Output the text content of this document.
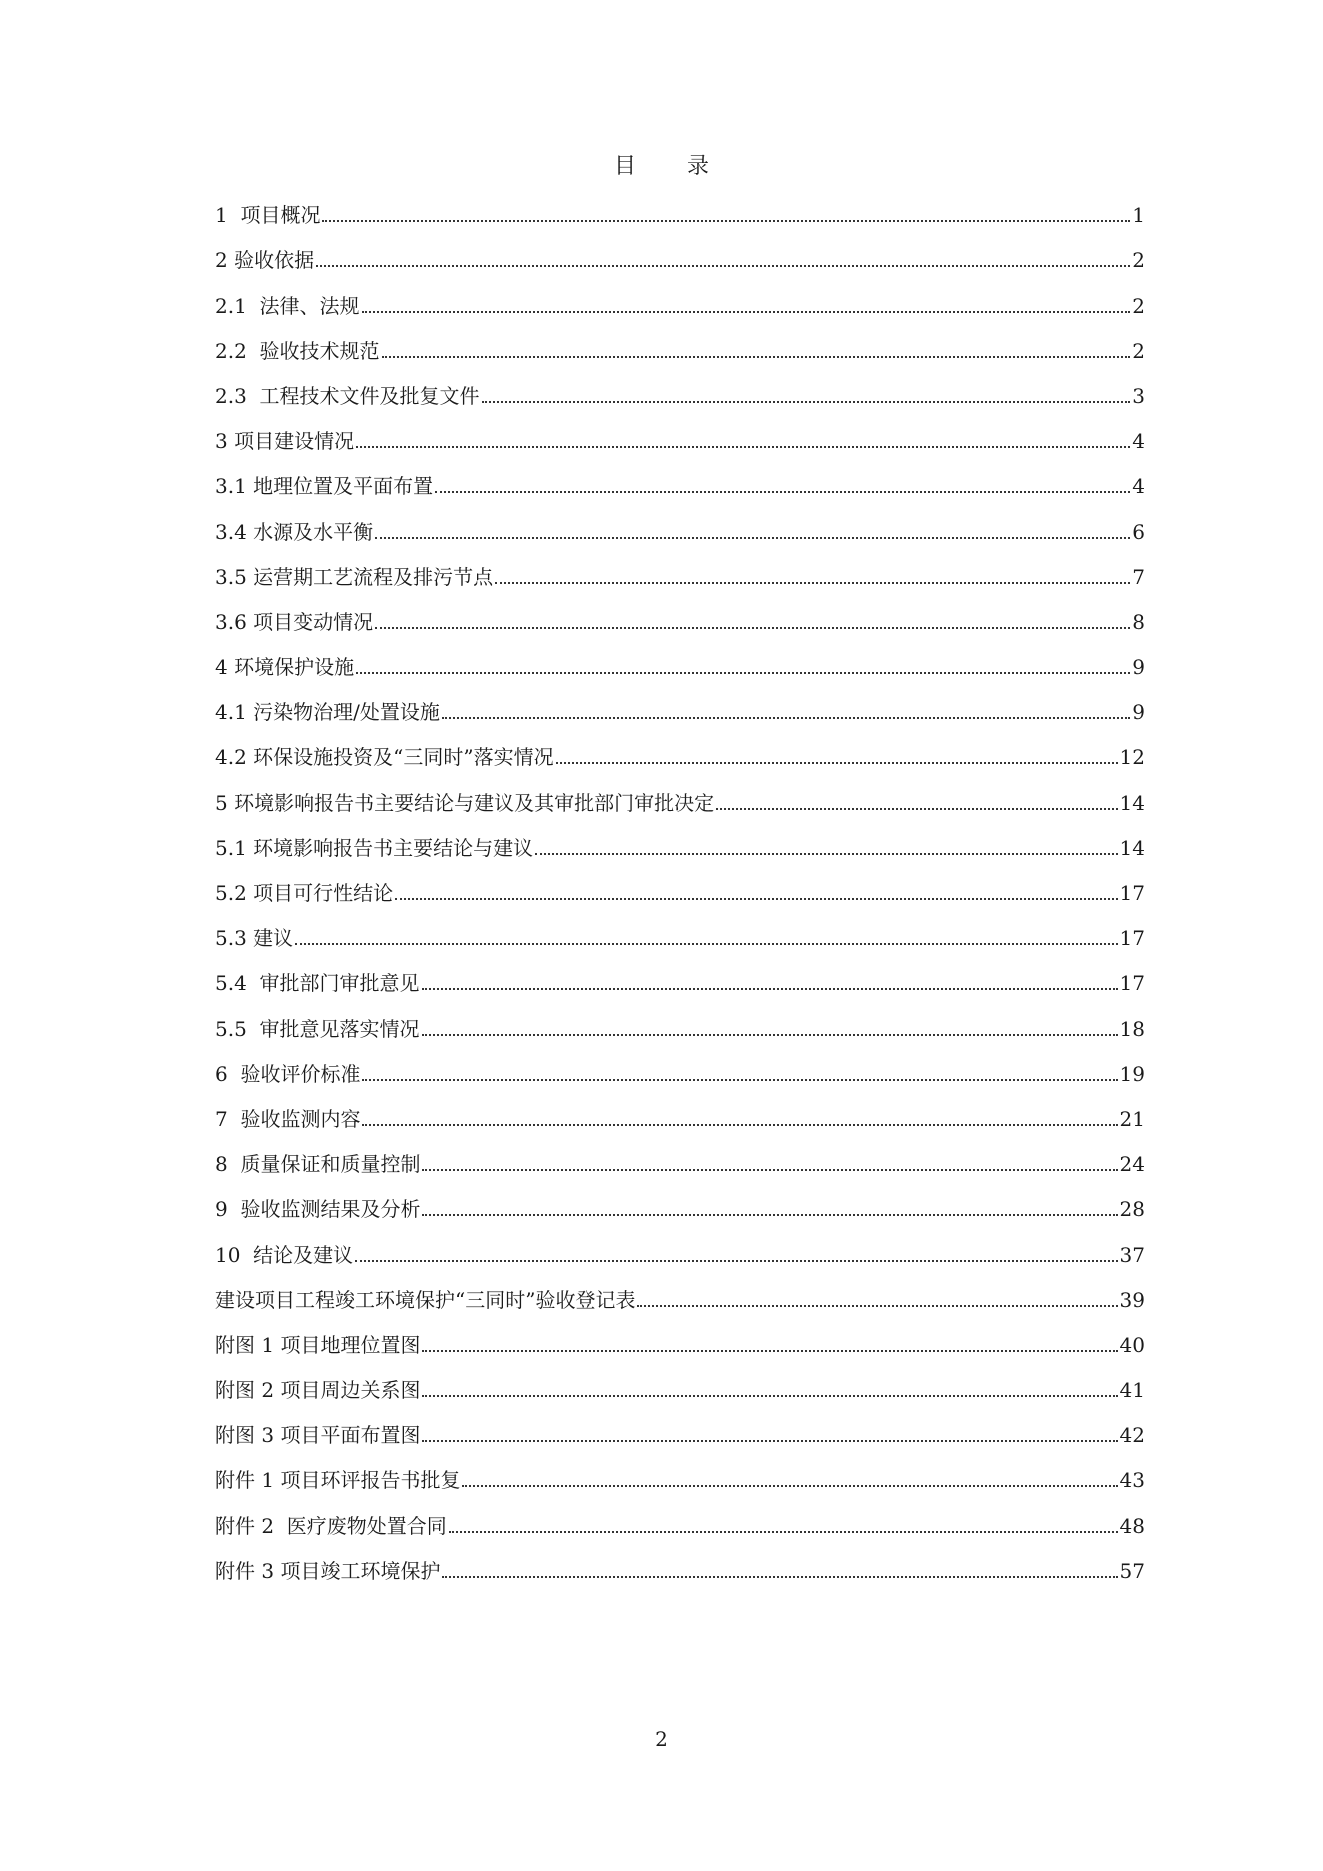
目 录
1  项目概况	1
2 验收依据	2
2.1  法律、法规	2
2.2  验收技术规范	2
2.3  工程技术文件及批复文件	3
3 项目建设情况	4
3.1 地理位置及平面布置	4
3.4 水源及水平衡	6
3.5 运营期工艺流程及排污节点	7
3.6 项目变动情况	8
4 环境保护设施	9
4.1 污染物治理/处置设施	9
4.2 环保设施投资及“三同时”落实情况	12
5 环境影响报告书主要结论与建议及其审批部门审批决定	14
5.1 环境影响报告书主要结论与建议	14
5.2 项目可行性结论	17
5.3 建议	17
5.4  审批部门审批意见	17
5.5  审批意见落实情况	18
6  验收评价标准	19
7  验收监测内容	21
8  质量保证和质量控制	24
9  验收监测结果及分析	28
10  结论及建议	37
建设项目工程竣工环境保护“三同时”验收登记表	39
附图 1 项目地理位置图	40
附图 2 项目周边关系图	41
附图 3 项目平面布置图	42
附件 1 项目环评报告书批复	43
附件 2  医疗废物处置合同	48
附件 3 项目竣工环境保护	57
2
